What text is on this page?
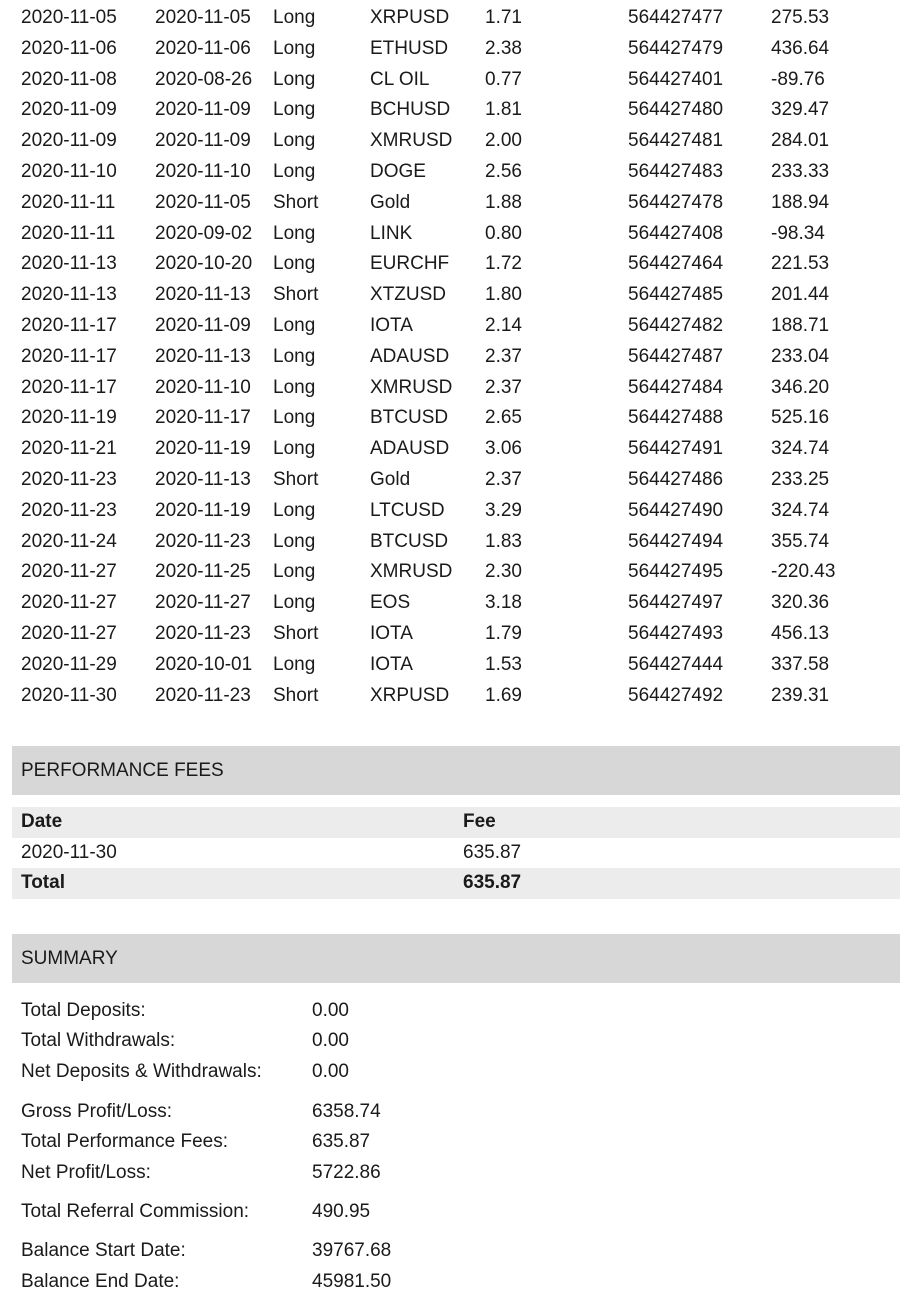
2020-11-05 2020-11-05 Long	XRPUSD 1.71	564427477	275.53
2020-11-06 2020-11-06 Long	ETHUSD 2.38	564427479	436.64
2020-11-08 2020-08-26 Long	CL OIL	0.77	564427401	-89.76
2020-11-09 2020-11-09 Long	BCHUSD 1.81	564427480	329.47
2020-11-09 2020-11-09 Long	XMRUSD 2.00	564427481	284.01
2020-11-10 2020-11-10 Long	DOGE	2.56	564427483	233.33
2020-11-11 2020-11-05 Short	Gold	1.88	564427478	188.94
2020-11-11 2020-09-02 Long	LINK	0.80	564427408	-98.34
2020-11-13 2020-10-20 Long	EURCHF 1.72	564427464	221.53
2020-11-13 2020-11-13 Short	XTZUSD 1.80	564427485	201.44
2020-11-17 2020-11-09 Long	IOTA	2.14	564427482	188.71
2020-11-17 2020-11-13 Long	ADAUSD 2.37	564427487	233.04
2020-11-17 2020-11-10 Long	XMRUSD 2.37	564427484	346.20
2020-11-19 2020-11-17 Long	BTCUSD 2.65	564427488	525.16
2020-11-21 2020-11-19 Long	ADAUSD 3.06	564427491	324.74
2020-11-23 2020-11-13 Short	Gold	2.37	564427486	233.25
2020-11-23 2020-11-19 Long	LTCUSD 3.29	564427490	324.74
2020-11-24 2020-11-23 Long	BTCUSD 1.83	564427494	355.74
2020-11-27 2020-11-25 Long	XMRUSD 2.30	564427495	-220.43
2020-11-27 2020-11-27 Long	EOS	3.18	564427497	320.36
2020-11-27 2020-11-23 Short	IOTA	1.79	564427493	456.13
2020-11-29 2020-10-01 Long	IOTA	1.53	564427444	337.58
2020-11-30 2020-11-23 Short	XRPUSD 1.69	564427492	239.31
PERFORMANCE FEES
Date	Fee
2020-11-30	635.87
Total	635.87
SUMMARY
Total Deposits:	0.00
Total Withdrawals:	0.00
Net Deposits & Withdrawals:	0.00
Gross Profit/Loss:	6358.74
Total Performance Fees:	635.87
Net Profit/Loss:	5722.86
Total Referral Commission:	490.95
Balance Start Date:	39767.68
Balance End Date:	45981.50
